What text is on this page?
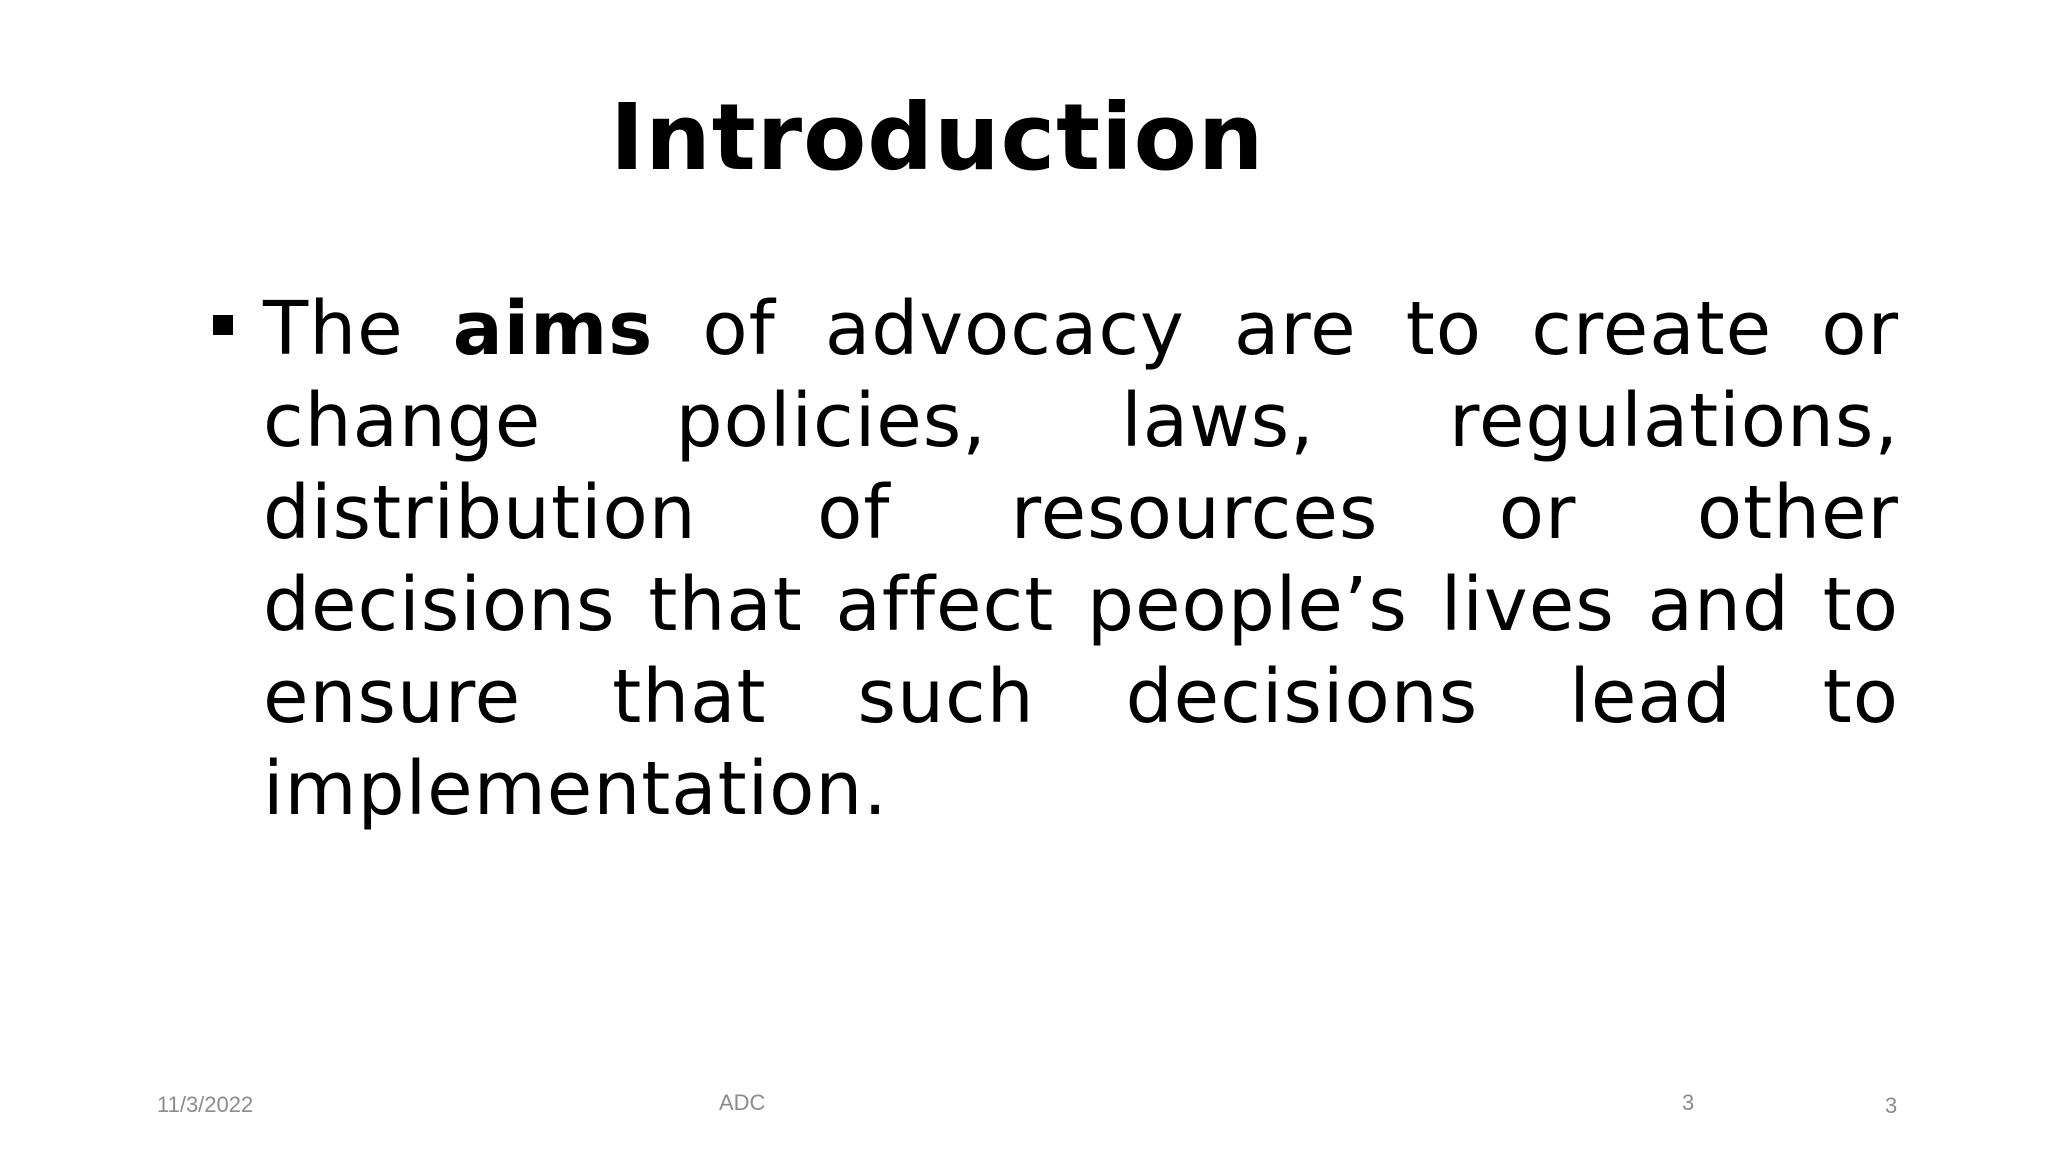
Introduction

The aims of advocacy are to create or change policies, laws, regulations, distribution of resources or other decisions that affect people’s lives and to ensure that such decisions lead to implementation.

11/3/2022	ADC	3	3
